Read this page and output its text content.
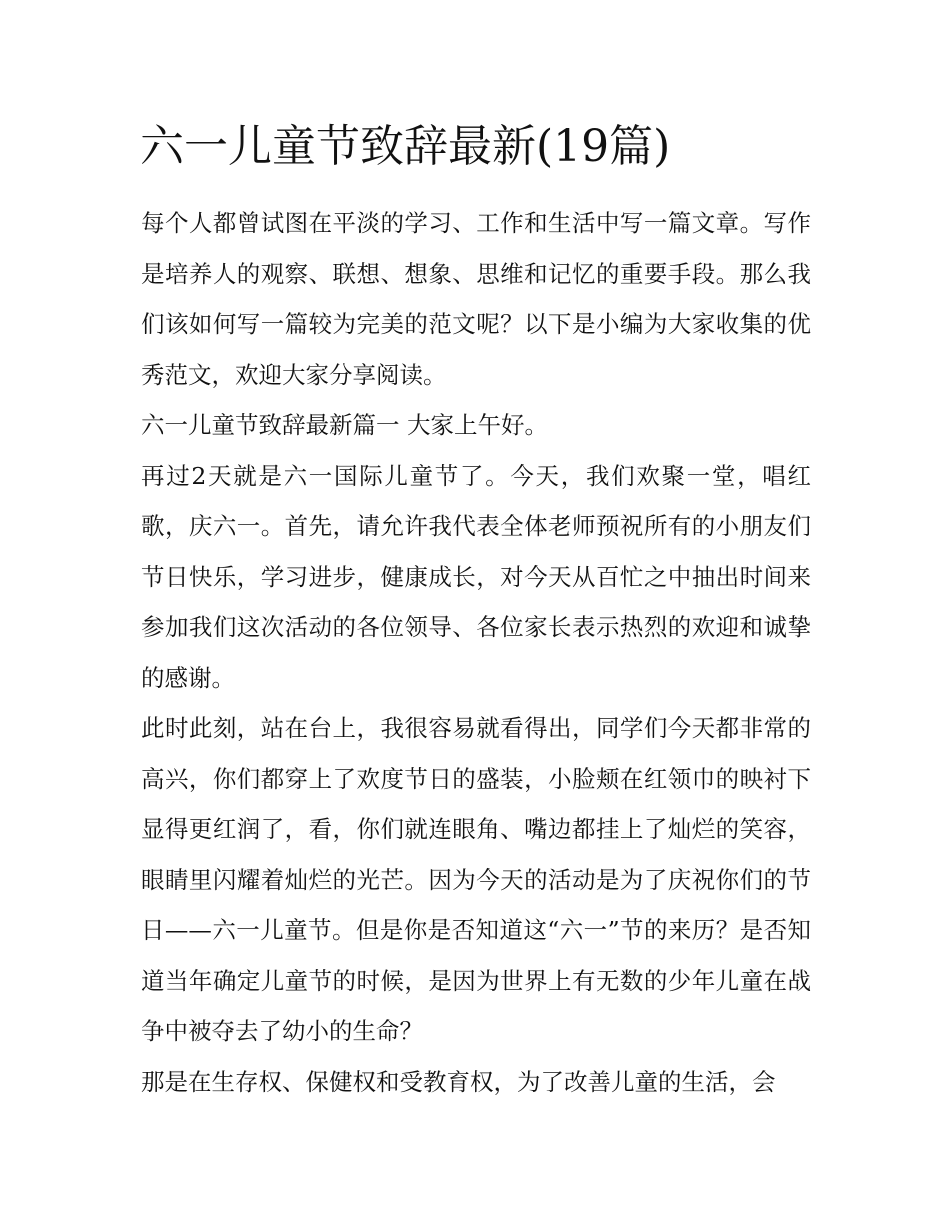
六一儿童节致辞最新(19篇)

每个人都曾试图在平淡的学习、工作和生活中写一篇文章。写作是培养人的观察、联想、想象、思维和记忆的重要手段。那么我们该如何写一篇较为完美的范文呢？以下是小编为大家收集的优秀范文，欢迎大家分享阅读。

六一儿童节致辞最新篇一 大家上午好。

再过2天就是六一国际儿童节了。今天，我们欢聚一堂，唱红歌，庆六一。首先，请允许我代表全体老师预祝所有的小朋友们节日快乐，学习进步，健康成长，对今天从百忙之中抽出时间来参加我们这次活动的各位领导、各位家长表示热烈的欢迎和诚挚的感谢。

此时此刻，站在台上，我很容易就看得出，同学们今天都非常的高兴，你们都穿上了欢度节日的盛装，小脸颊在红领巾的映衬下显得更红润了，看，你们就连眼角、嘴边都挂上了灿烂的笑容，眼睛里闪耀着灿烂的光芒。因为今天的活动是为了庆祝你们的节日——六一儿童节。但是你是否知道这“六一”节的来历？是否知道当年确定儿童节的时候，是因为世界上有无数的少年儿童在战争中被夺去了幼小的生命？

那是在生存权、保健权和受教育权，为了改善儿童的生活，会
